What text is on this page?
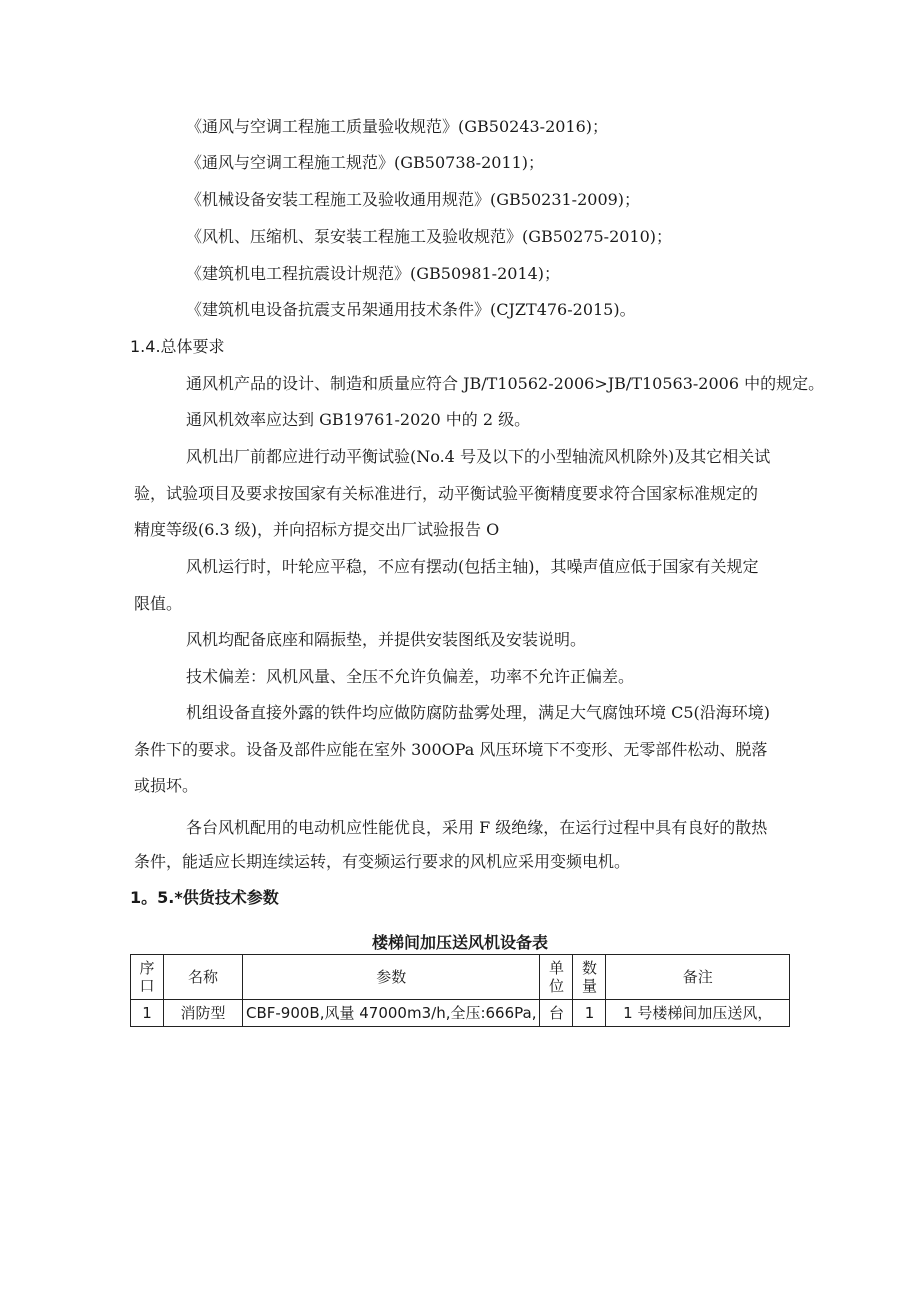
《通风与空调工程施工质量验收规范》(GB50243-2016)；
《通风与空调工程施工规范》(GB50738-2011)；
《机械设备安装工程施工及验收通用规范》(GB50231-2009)；
《风机、压缩机、泵安装工程施工及验收规范》(GB50275-2010)；
《建筑机电工程抗震设计规范》(GB50981-2014)；
《建筑机电设备抗震支吊架通用技术条件》(CJZT476-2015)。
1.4.总体要求
通风机产品的设计、制造和质量应符合 JB/T10562-2006>JB/T10563-2006 中的规定。
通风机效率应达到 GB19761-2020 中的 2 级。
风机出厂前都应进行动平衡试验(No.4 号及以下的小型轴流风机除外)及其它相关试
验，试验项目及要求按国家有关标准进行，动平衡试验平衡精度要求符合国家标准规定的
精度等级(6.3 级)，并向招标方提交出厂试验报告 O
风机运行时，叶轮应平稳，不应有摆动(包括主轴)，其噪声值应低于国家有关规定
限值。
风机均配备底座和隔振垫，并提供安装图纸及安装说明。
技术偏差：风机风量、全压不允许负偏差，功率不允许正偏差。
机组设备直接外露的铁件均应做防腐防盐雾处理，满足大气腐蚀环境 C5(沿海环境)
条件下的要求。设备及部件应能在室外 300OPa 风压环境下不变形、无零部件松动、脱落
或损坏。
各台风机配用的电动机应性能优良，采用 F 级绝缘，在运行过程中具有良好的散热
条件，能适应长期连续运转，有变频运行要求的风机应采用变频电机。
1。5.*供货技术参数
楼梯间加压送风机设备表
序口	名称	参数	单位	数量	备注
1	消防型	CBF-900B,风量 47000m3∕h,全压:666Pa,	台	1	1 号楼梯间加压送风，
